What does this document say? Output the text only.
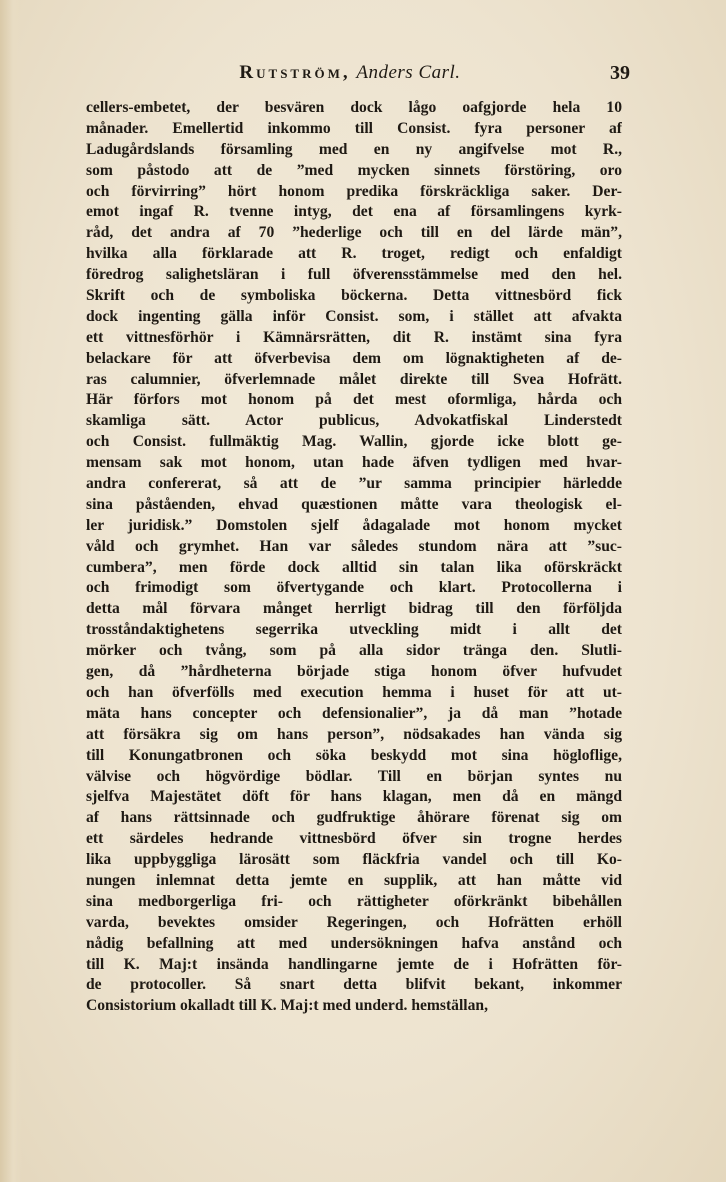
Rutström, Anders Carl.	39
cellers-embetet, der besvären dock lågo oafgjorde hela 10
månader. Emellertid inkommo till Consist. fyra personer af
Ladugårdslands församling med en ny angifvelse mot R.,
som påstodo att de ”med mycken sinnets förstöring, oro
och förvirring” hört honom predika förskräckliga saker. Der-
emot ingaf R. tvenne intyg, det ena af församlingens kyrk-
råd, det andra af 70 ”hederlige och till en del lärde män”,
hvilka alla förklarade att R. troget, redigt och enfaldigt
föredrog salighetsläran i full öfverensstämmelse med den hel.
Skrift och de symboliska böckerna. Detta vittnesbörd fick
dock ingenting gälla inför Consist. som, i stället att afvakta
ett vittnesförhör i Kämnärsrätten, dit R. instämt sina fyra
belackare för att öfverbevisa dem om lögnaktigheten af de-
ras calumnier, öfverlemnade målet direkte till Svea Hofrätt.
Här förfors mot honom på det mest oformliga, hårda och
skamliga sätt. Actor publicus, Advokatfiskal Linderstedt
och Consist. fullmäktig Mag. Wallin, gjorde icke blott ge-
mensam sak mot honom, utan hade äfven tydligen med hvar-
andra confererat, så att de ”ur samma principier härledde
sina påståenden, ehvad quæstionen måtte vara theologisk el-
ler juridisk.” Domstolen sjelf ådagalade mot honom mycket
våld och grymhet. Han var således stundom nära att ”suc-
cumbera”, men förde dock alltid sin talan lika oförskräckt
och frimodigt som öfvertygande och klart. Protocollerna i
detta mål förvara månget herrligt bidrag till den förföljda
trosståndaktighetens segerrika utveckling midt i allt det
mörker och tvång, som på alla sidor tränga den. Slutli-
gen, då ”hårdheterna började stiga honom öfver hufvudet
och han öfverfölls med execution hemma i huset för att ut-
mäta hans concepter och defensionalier”, ja då man ”hotade
att försäkra sig om hans person”, nödsakades han vända sig
till Konungatbronen och söka beskydd mot sina högloflige,
välvise och högvördige bödlar. Till en början syntes nu
sjelfva Majestätet döft för hans klagan, men då en mängd
af hans rättsinnade och gudfruktige åhörare förenat sig om
ett särdeles hedrande vittnesbörd öfver sin trogne herdes
lika uppbyggliga lärosätt som fläckfria vandel och till Ko-
nungen inlemnat detta jemte en supplik, att han måtte vid
sina medborgerliga fri- och rättigheter oförkränkt bibehållen
varda, bevektes omsider Regeringen, och Hofrätten erhöll
nådig befallning att med undersökningen hafva anstånd och
till K. Maj:t insända handlingarne jemte de i Hofrätten för-
de protocoller. Så snart detta blifvit bekant, inkommer
Consistorium okalladt till K. Maj:t med underd. hemställan,
